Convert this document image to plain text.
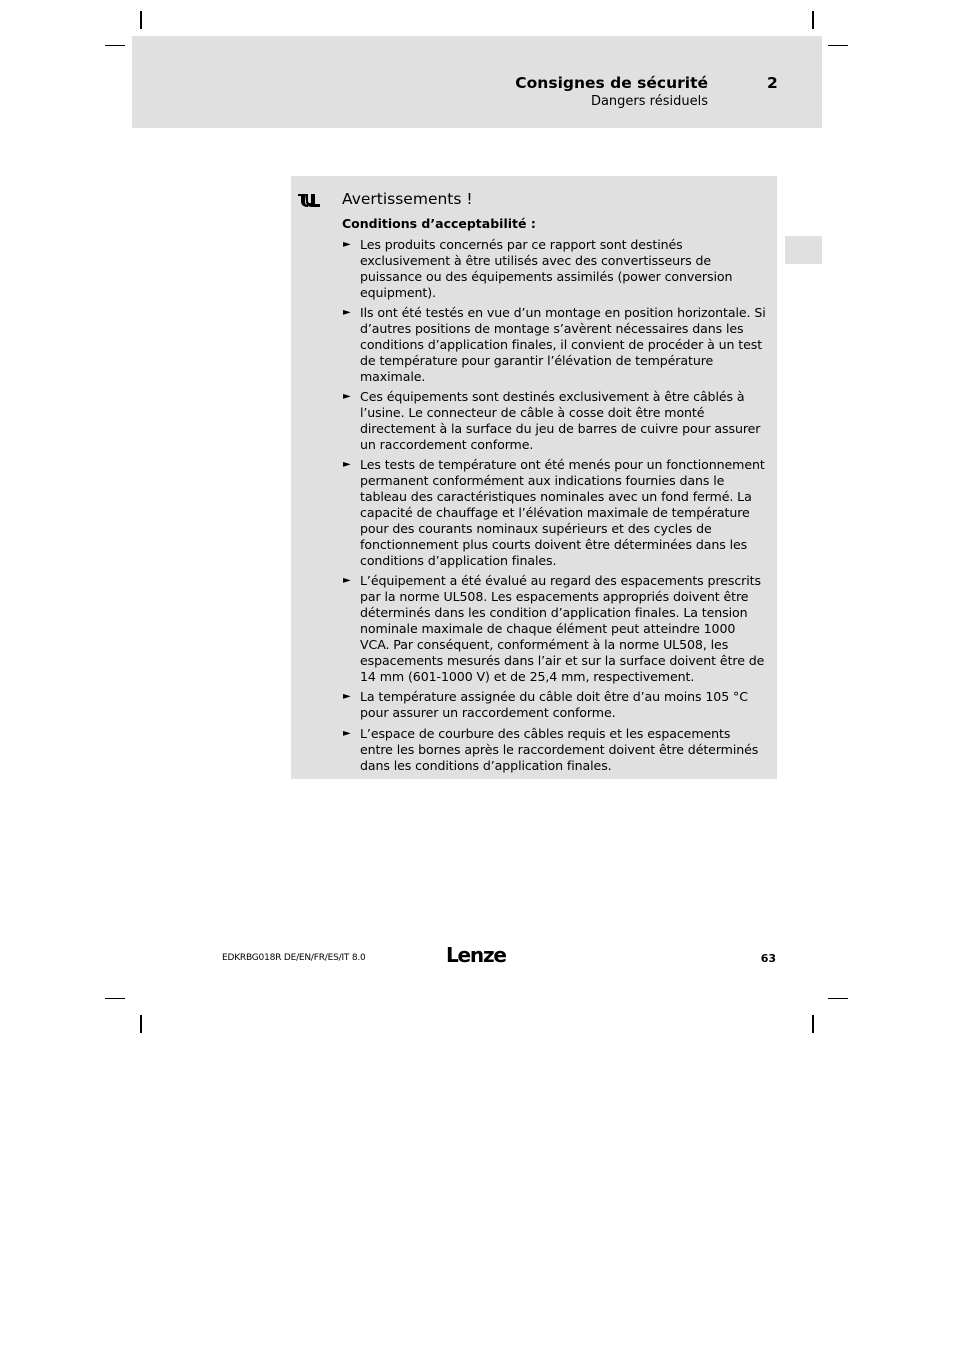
Consignes de sécurité	2
Dangers résiduels
Avertissements !
Conditions d’acceptabilité :
► Les produits concernés par ce rapport sont destinés exclusivement à être utilisés avec des convertisseurs de puissance ou des équipements assimilés (power conversion equipment).
► Ils ont été testés en vue d’un montage en position horizontale. Si d’autres positions de montage s’avèrent nécessaires dans les conditions d’application finales, il convient de procéder à un test de température pour garantir l’élévation de température maximale.
► Ces équipements sont destinés exclusivement à être câblés à l’usine. Le connecteur de câble à cosse doit être monté directement à la surface du jeu de barres de cuivre pour assurer un raccordement conforme.
► Les tests de température ont été menés pour un fonctionnement permanent conformément aux indications fournies dans le tableau des caractéristiques nominales avec un fond fermé. La capacité de chauffage et l’élévation maximale de température pour des courants nominaux supérieurs et des cycles de fonctionnement plus courts doivent être déterminées dans les conditions d’application finales.
► L’équipement a été évalué au regard des espacements prescrits par la norme UL508. Les espacements appropriés doivent être déterminés dans les condition d’application finales. La tension nominale maximale de chaque élément peut atteindre 1000 VCA. Par conséquent, conformément à la norme UL508, les espacements mesurés dans l’air et sur la surface doivent être de 14 mm (601-1000 V) et de 25,4 mm, respectivement.
► La température assignée du câble doit être d’au moins 105 °C pour assurer un raccordement conforme.
► L’espace de courbure des câbles requis et les espacements entre les bornes après le raccordement doivent être déterminés dans les conditions d’application finales.
EDKRBG018R DE/EN/FR/ES/IT 8.0	Lenze	63
